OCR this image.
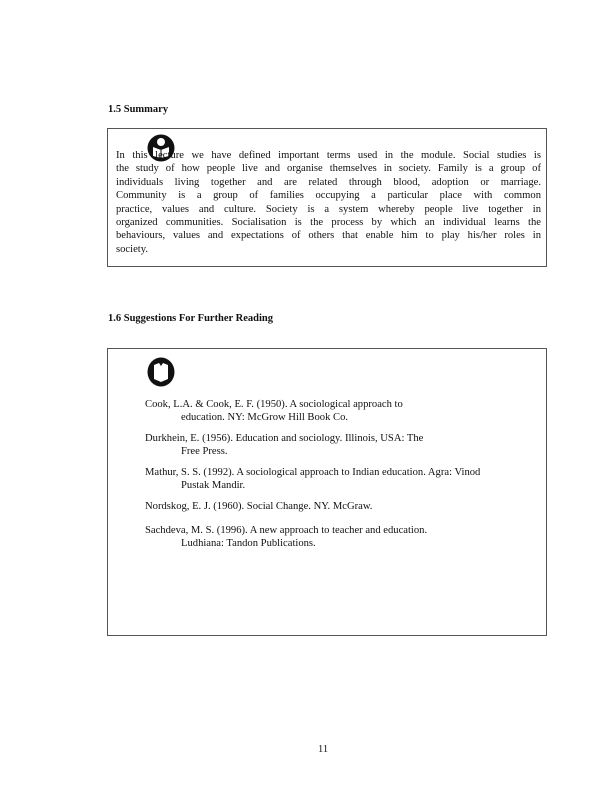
1.5 Summary
In this lecture we have defined important terms used in the module. Social studies is
the study of how people live and organise themselves in society. Family is a group of
individuals living together and are related through blood, adoption or marriage.
Community is a group of families occupying a particular place with common
practice, values and culture. Society is a system whereby people live together in
organized communities. Socialisation is the process by which an individual learns the
behaviours, values and expectations of others that enable him to play his/her roles in
society.
1.6 Suggestions For Further Reading
Cook, L.A. & Cook, E. F. (1950). A sociological approach to
education. NY: McGrow Hill Book Co.
Durkhein, E. (1956). Education and sociology. Illinois, USA: The
Free Press.
Mathur, S. S. (1992). A sociological approach to Indian education. Agra: Vinod
Pustak Mandir.
Nordskog, E. J. (1960). Social Change. NY. McGraw.
Sachdeva, M. S. (1996). A new approach to teacher and education.
Ludhiana: Tandon Publications.
11
